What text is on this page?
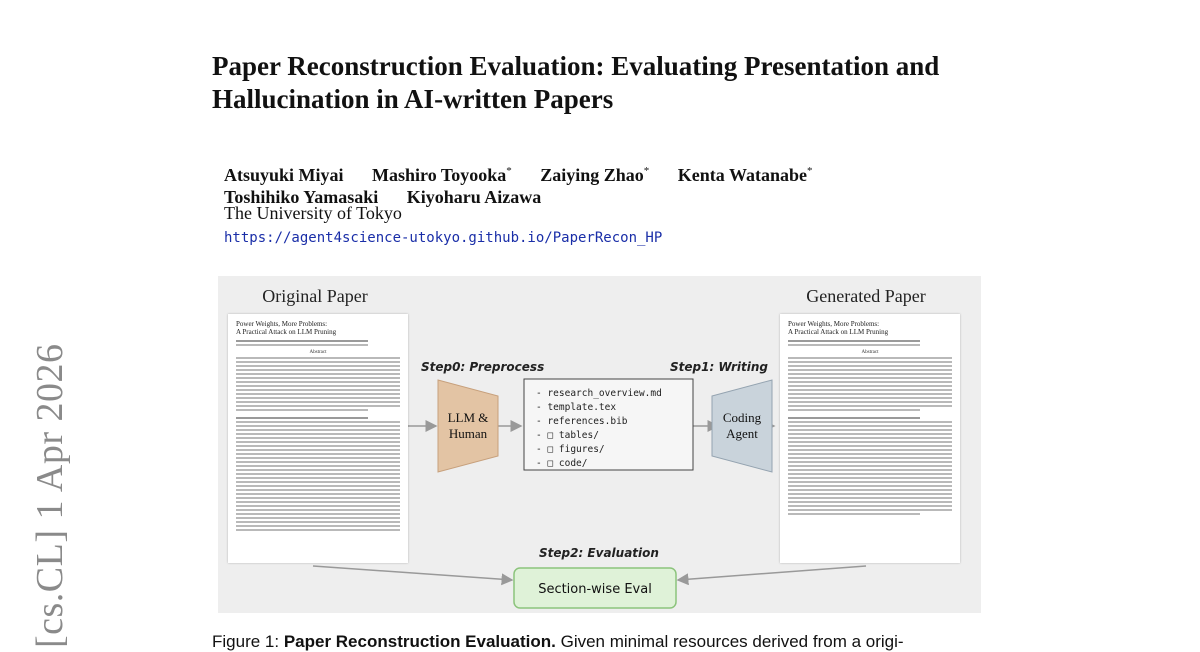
[cs.CL] 1 Apr 2026
Paper Reconstruction Evaluation: Evaluating Presentation and Hallucination in AI-written Papers
Atsuyuki Miyai Mashiro Toyooka* Zaiying Zhao* Kenta Watanabe*
Toshihiko Yamasaki Kiyoharu Aizawa
The University of Tokyo
https://agent4science-utokyo.github.io/PaperRecon_HP
Original Paper	Generated Paper
Step0: Preprocess	Step1: Writing
Step2: Evaluation
LLM &
Human
- research_overview.md
- template.tex
- references.bib
- □ tables/
- □ figures/
- □ code/
Coding
Agent
Section-wise Eval
Power Weights, More Problems:
A Practical Attack on LLM Pruning
Abstract
Power Weights, More Problems:
A Practical Attack on LLM Pruning
Abstract
Figure 1: Paper Reconstruction Evaluation. Given minimal resources derived from a origi-
